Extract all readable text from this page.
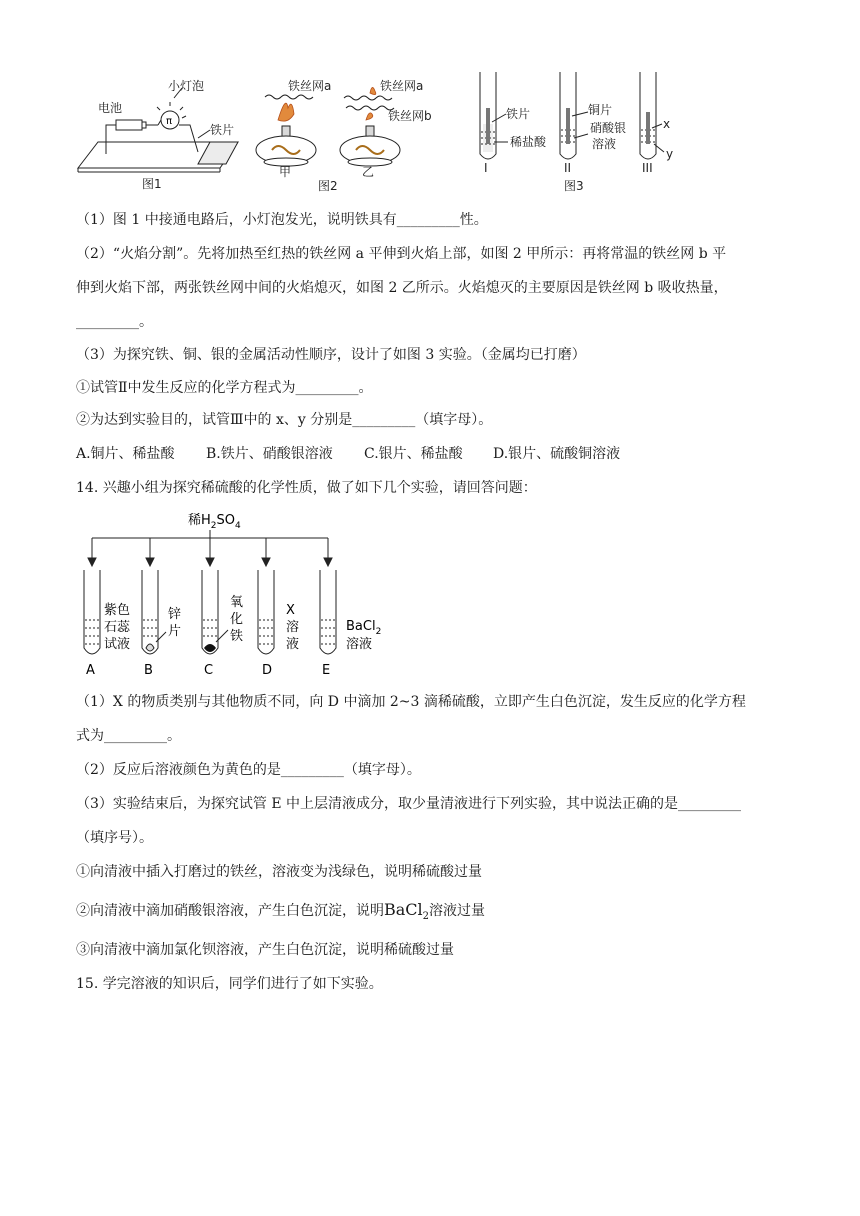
π
电池
小灯泡
铁片
图1
铁丝网a
甲
铁丝网a
铁丝网b
乙
图2
铁片
稀盐酸
I
铜片
硝酸银
溶液
II
x
y
III
图3
（1）图 1 中接通电路后，小灯泡发光，说明铁具有_________性。
（2）“火焰分割”。先将加热至红热的铁丝网 a 平伸到火焰上部，如图 2 甲所示：再将常温的铁丝网 b 平
伸到火焰下部，两张铁丝网中间的火焰熄灭，如图 2 乙所示。火焰熄灭的主要原因是铁丝网 b 吸收热量，
_________。
（3）为探究铁、铜、银的金属活动性顺序，设计了如图 3 实验。（金属均已打磨）
①试管Ⅱ中发生反应的化学方程式为_________。
②为达到实验目的，试管Ⅲ中的 x、y 分别是_________（填字母）。
A.铜片、稀盐酸 B.铁片、硝酸银溶液 C.银片、稀盐酸 D.银片、硫酸铜溶液
14. 兴趣小组为探究稀硫酸的化学性质，做了如下几个实验，请回答问题：
稀$H_2SO_4$
紫色
石蕊
试液
A
锌
片
B
氧
化
铁
C
X
溶
液
D
BaCl$_2$
溶液
E
（1）X 的物质类别与其他物质不同，向 D 中滴加 2~3 滴稀硫酸，立即产生白色沉淀，发生反应的化学方程
式为_________。
（2）反应后溶液颜色为黄色的是_________（填字母）。
（3）实验结束后，为探究试管 E 中上层清液成分，取少量清液进行下列实验，其中说法正确的是_________
（填序号）。
①向清液中插入打磨过的铁丝，溶液变为浅绿色，说明稀硫酸过量
②向清液中滴加硝酸银溶液，产生白色沉淀，说明BaCl$_2$溶液过量
③向清液中滴加氯化钡溶液，产生白色沉淀，说明稀硫酸过量
15. 学完溶液的知识后，同学们进行了如下实验。
